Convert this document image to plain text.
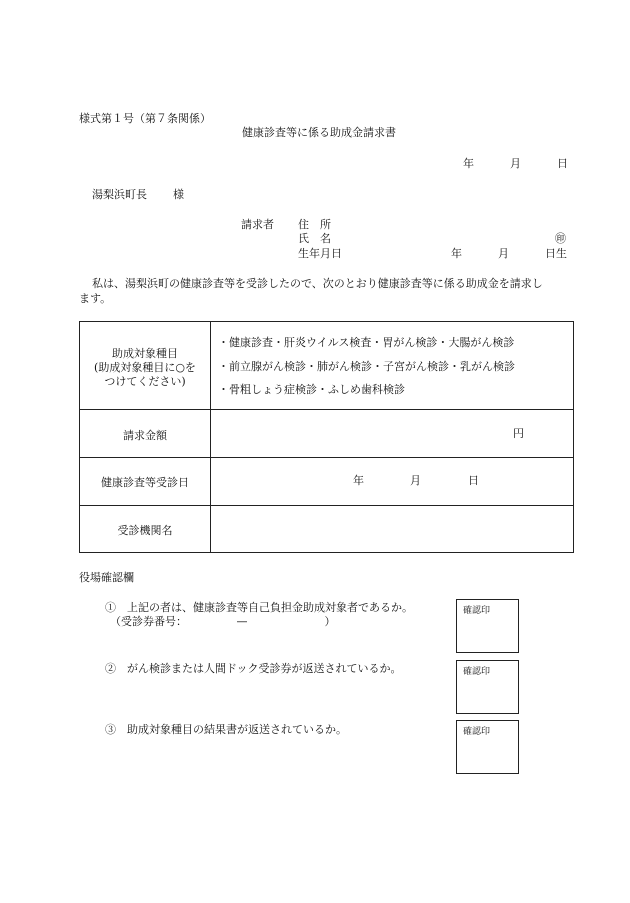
様式第１号（第７条関係）
健康診査等に係る助成金請求書
年	月	日
湯梨浜町長 様
請求者 住　所
氏　名	㊞
生年月日	年	月	日生
私は、湯梨浜町の健康診査等を受診したので、次のとおり健康診査等に係る助成金を請求し
ます。
助成対象種目
(助成対象種目に○を
つけてください)
・健康診査・肝炎ウイルス検査・胃がん検診・大腸がん検診
・前立腺がん検診・肺がん検診・子宮がん検診・乳がん検診
・骨粗しょう症検診・ふしめ歯科検診
請求金額	円
健康診査等受診日	年	月	日
受診機関名
役場確認欄
①　上記の者は、健康診査等自己負担金助成対象者であるか。
（受診券番号：　　　　　—　　　　　　　）
確認印
②　がん検診または人間ドック受診券が返送されているか。	確認印
③　助成対象種目の結果書が返送されているか。	確認印
